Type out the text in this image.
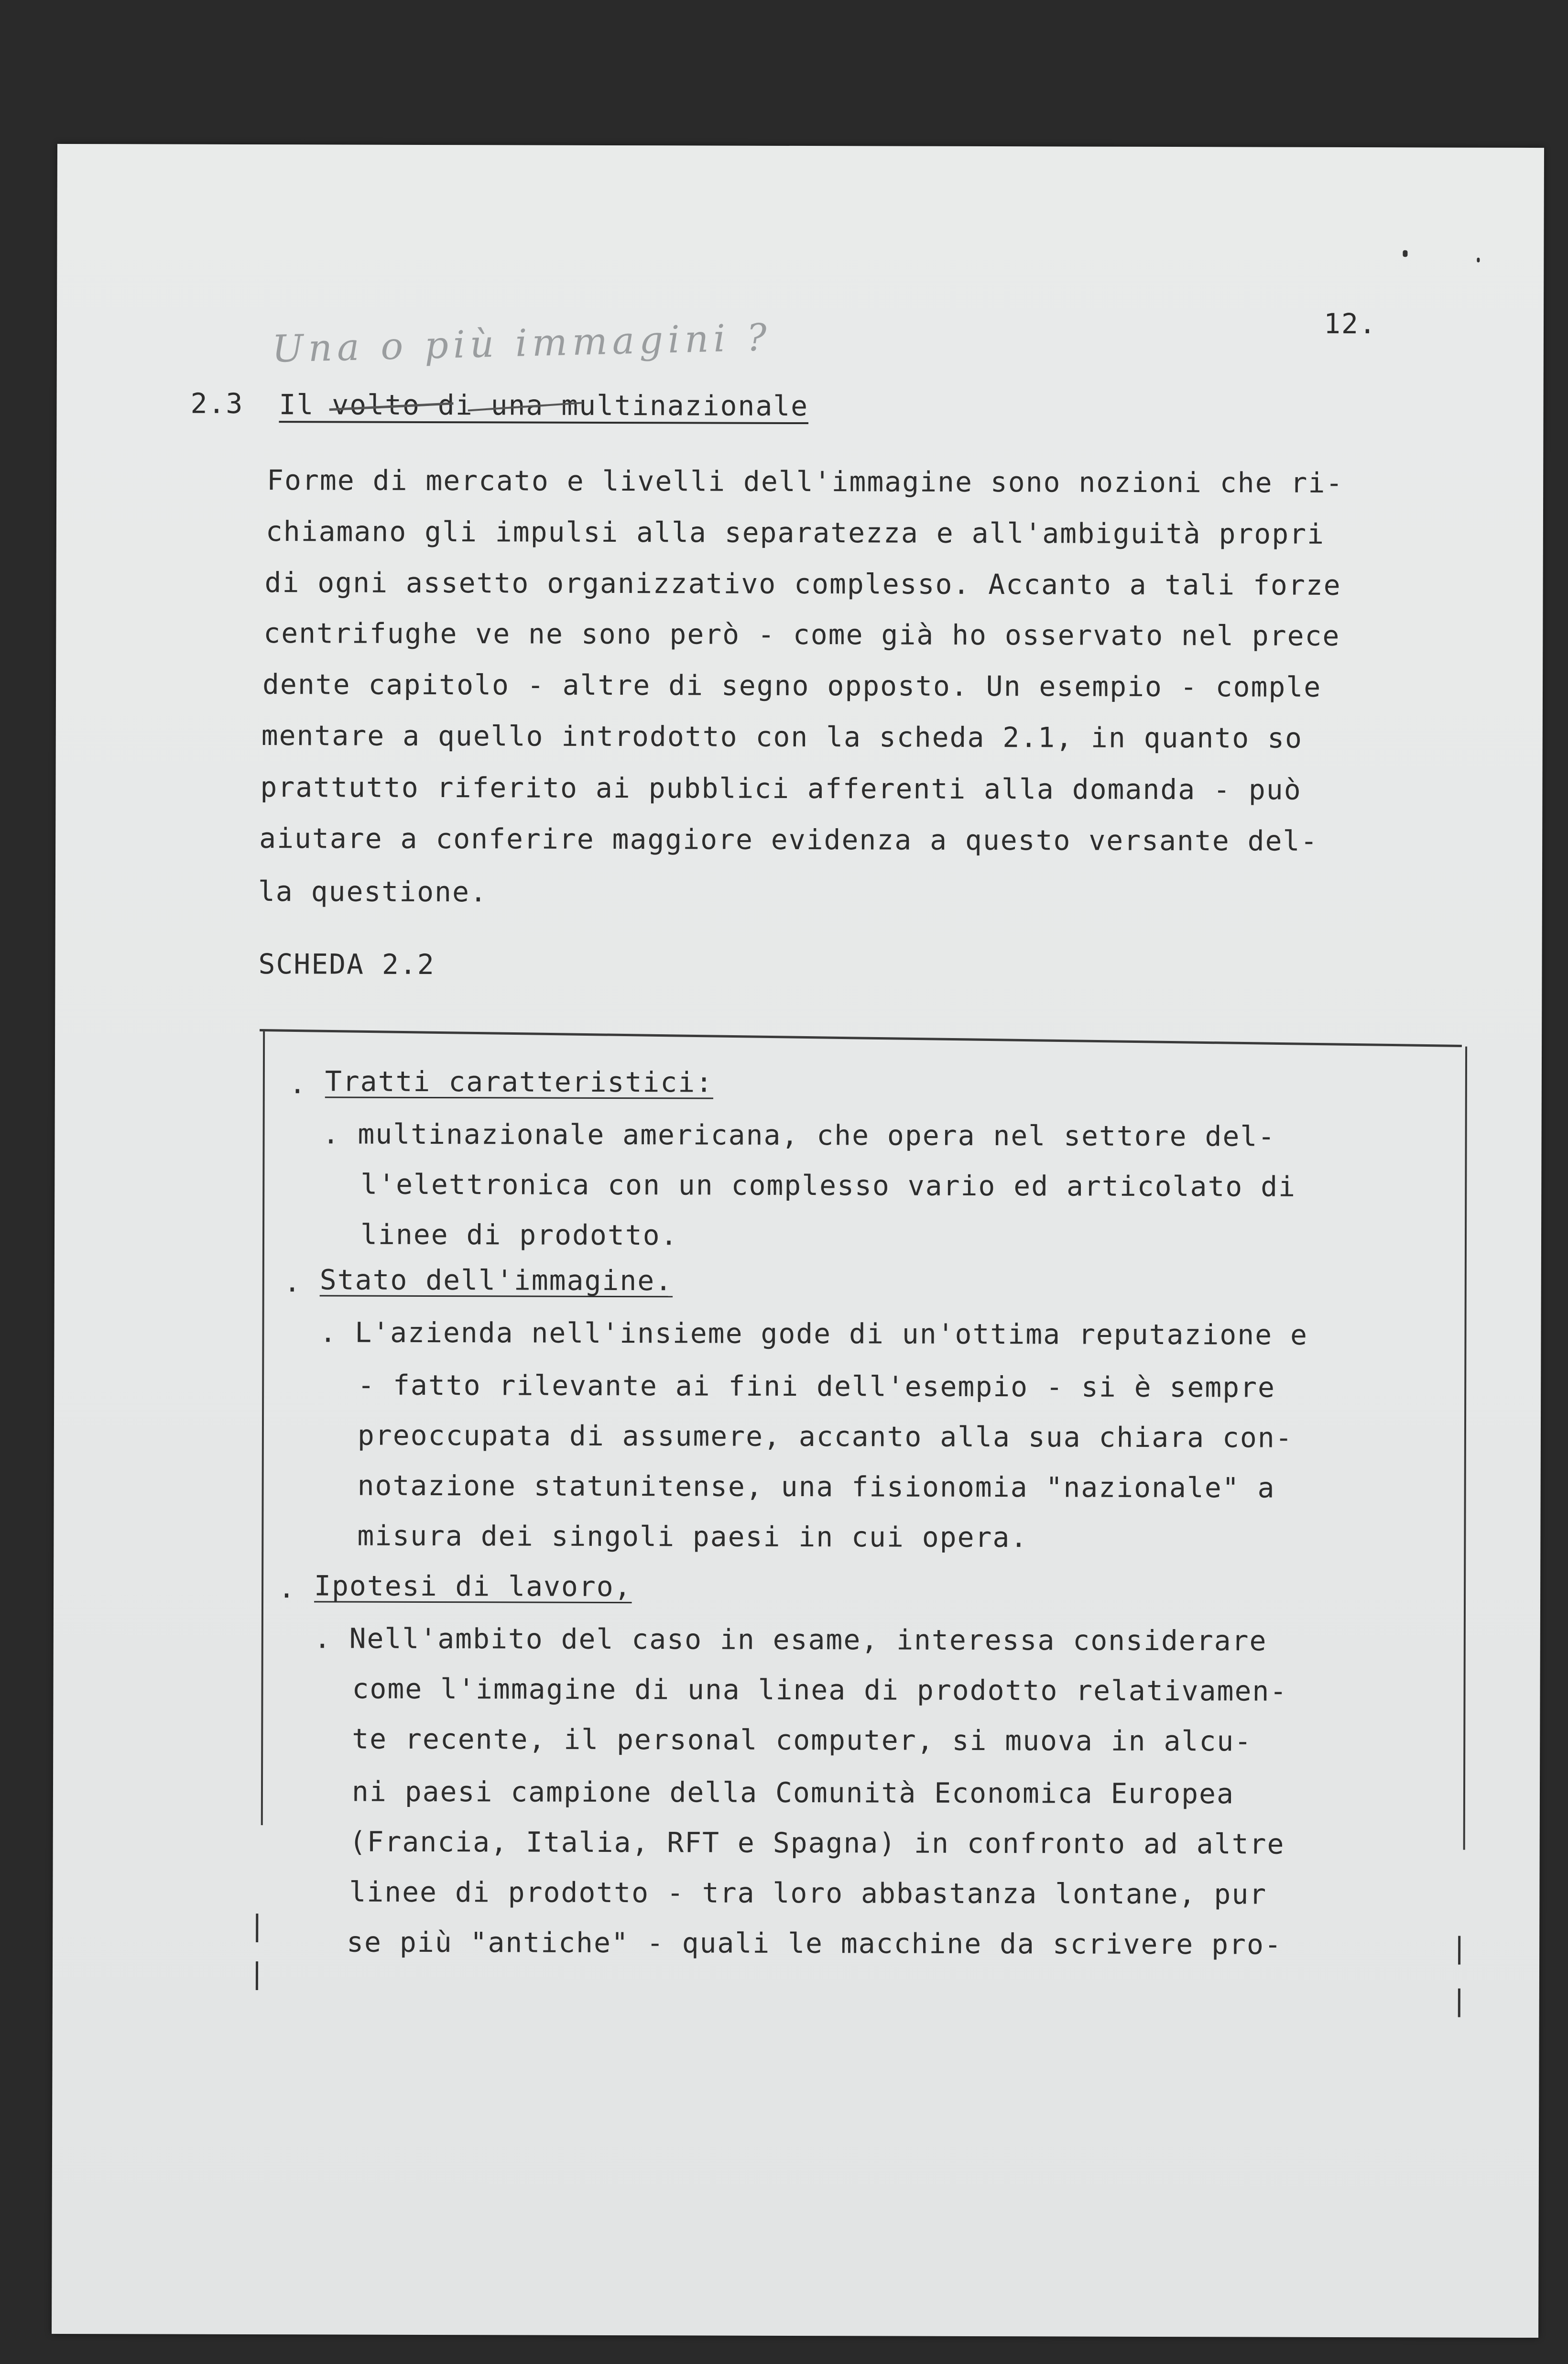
12.
Una o più immagini ?
2.3 Il volto di una multinazionale
Forme di mercato e livelli dell'immagine sono nozioni che ri-
chiamano gli impulsi alla separatezza e all'ambiguità propri
di ogni assetto organizzativo complesso. Accanto a tali forze
centrifughe ve ne sono però - come già ho osservato nel prece
dente capitolo - altre di segno opposto. Un esempio - comple
mentare a quello introdotto con la scheda 2.1, in quanto so
prattutto riferito ai pubblici afferenti alla domanda - può
aiutare a conferire maggiore evidenza a questo versante del-
la questione.
SCHEDA 2.2
. Tratti caratteristici:
. multinazionale americana, che opera nel settore del-
l'elettronica con un complesso vario ed articolato di
linee di prodotto.
. Stato dell'immagine.
. L'azienda nell'insieme gode di un'ottima reputazione e
- fatto rilevante ai fini dell'esempio - si è sempre
preoccupata di assumere, accanto alla sua chiara con-
notazione statunitense, una fisionomia "nazionale" a
misura dei singoli paesi in cui opera.
. Ipotesi di lavoro,
. Nell'ambito del caso in esame, interessa considerare
come l'immagine di una linea di prodotto relativamen-
te recente, il personal computer, si muova in alcu-
ni paesi campione della Comunità Economica Europea
(Francia, Italia, RFT e Spagna) in confronto ad altre
linee di prodotto - tra loro abbastanza lontane, pur
se più "antiche" - quali le macchine da scrivere pro-
